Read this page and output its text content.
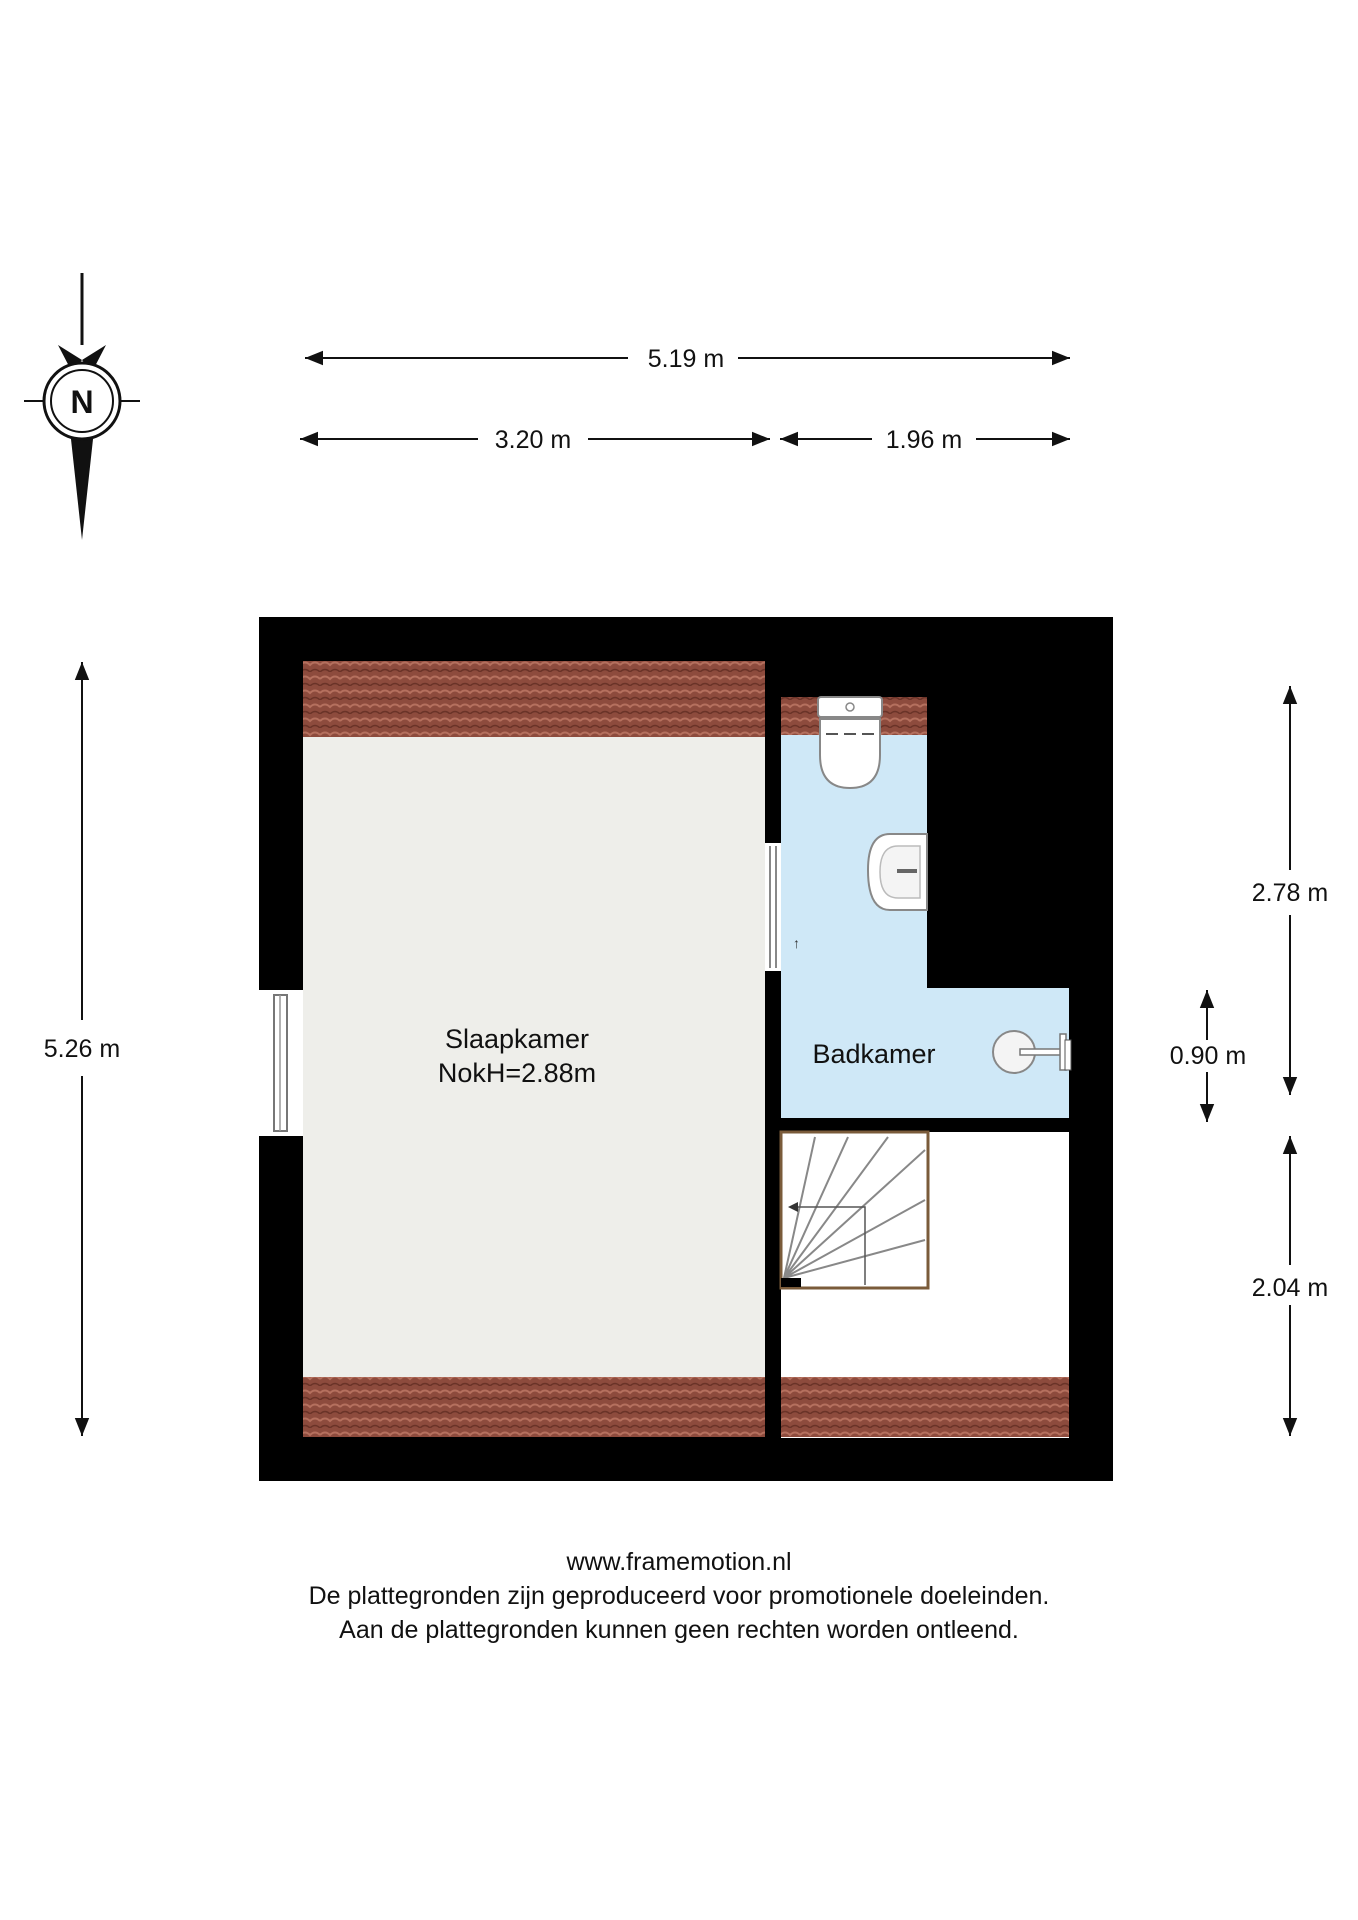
N
5.19 m
3.20 m	1.96 m
5.26 m
2.78 m
0.90 m
2.04 m
Slaapkamer
NokH=2.88m
Badkamer
↑
www.framemotion.nl
De plattegronden zijn geproduceerd voor promotionele doeleinden.
Aan de plattegronden kunnen geen rechten worden ontleend.
